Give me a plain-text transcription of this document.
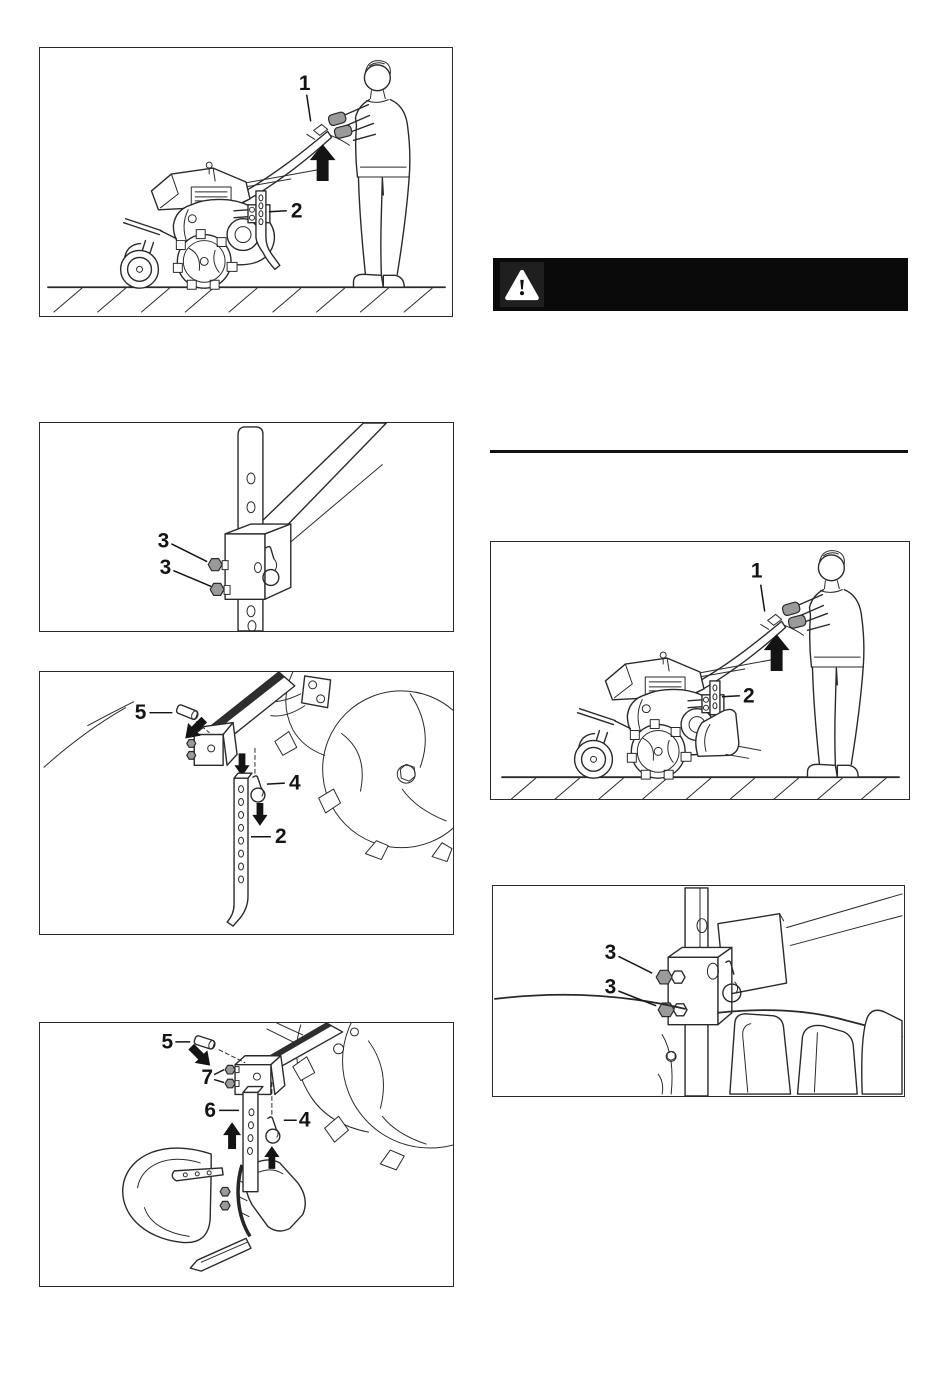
1
2
3
3
5
4
2
1
2
3
3
5
7
6	4
